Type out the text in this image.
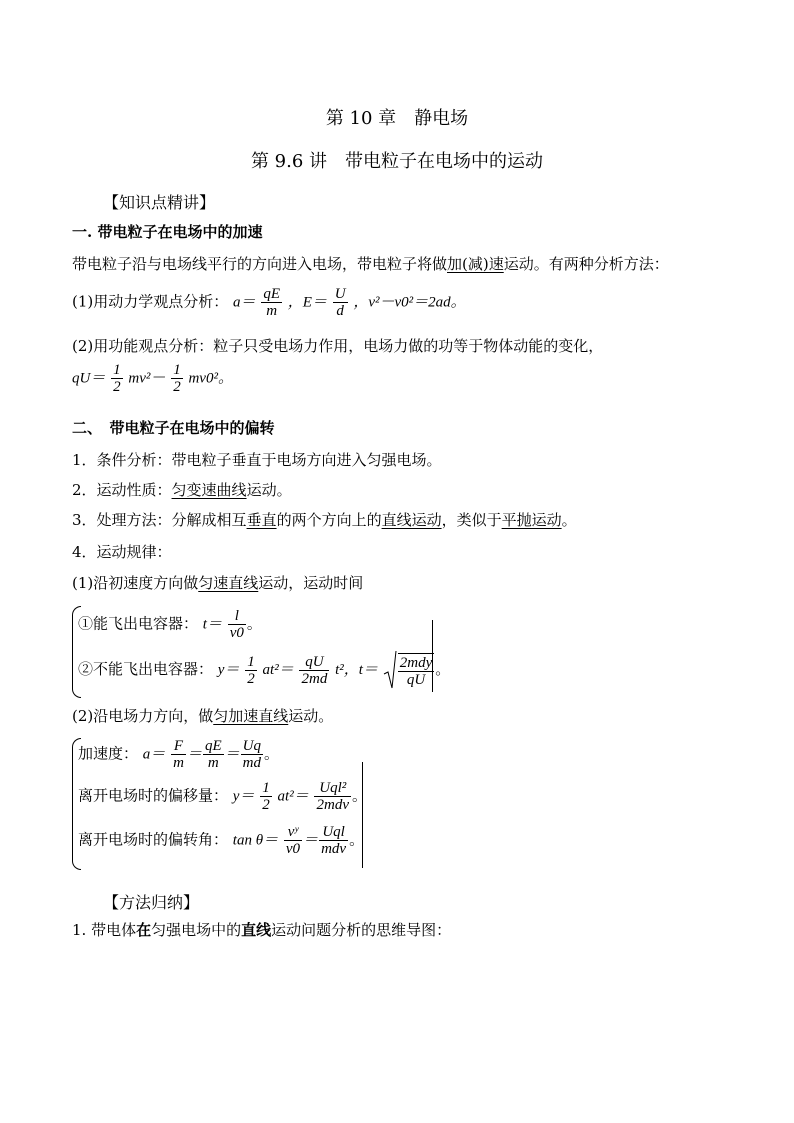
第 10 章　静电场
第 9.6 讲　带电粒子在电场中的运动
【知识点精讲】
一. 带电粒子在电场中的加速
带电粒子沿与电场线平行的方向进入电场，带电粒子将做加(减)速运动。有两种分析方法：
(1)用动力学观点分析： $a= \frac{qE}{m}$ ，$E= \frac{U}{d}$ ，v²－v0²＝2ad。
(2)用功能观点分析：粒子只受电场力作用，电场力做的功等于物体动能的变化，
$qU= \frac{1}{2} mv^2- \frac{1}{2} mv0^2$。
二、　带电粒子在电场中的偏转
1．条件分析：带电粒子垂直于电场方向进入匀强电场。
2．运动性质：匀变速曲线运动。
3．处理方法：分解成相互垂直的两个方向上的直线运动，类似于平抛运动。
4．运动规律：
(1)沿初速度方向做匀速直线运动，运动时间
①能飞出电容器： $t= \frac{l}{v0}$ 。
②不能飞出电容器： $y= \frac{1}{2} at^2= \frac{qU}{2md} t^2$，$t= \frac{\text{2mdy}}{qU}$ 。
(2)沿电场力方向，做匀加速直线运动。
加速度： $a= \frac{F}{m} = \frac{qE}{m} = \frac{Uq}{md}$ 。
离开电场时的偏移量： $y= \frac{1}{2} at^2= \frac{\text{Uql²}}{\text{2mdv}}$ 。
离开电场时的偏转角： $\tan \theta= \frac{\text{vʸ}}{v0} = \frac{\text{Uql}}{\text{mdv}}$ 。
【方法归纳】
1. 带电体在匀强电场中的直线运动问题分析的思维导图：
